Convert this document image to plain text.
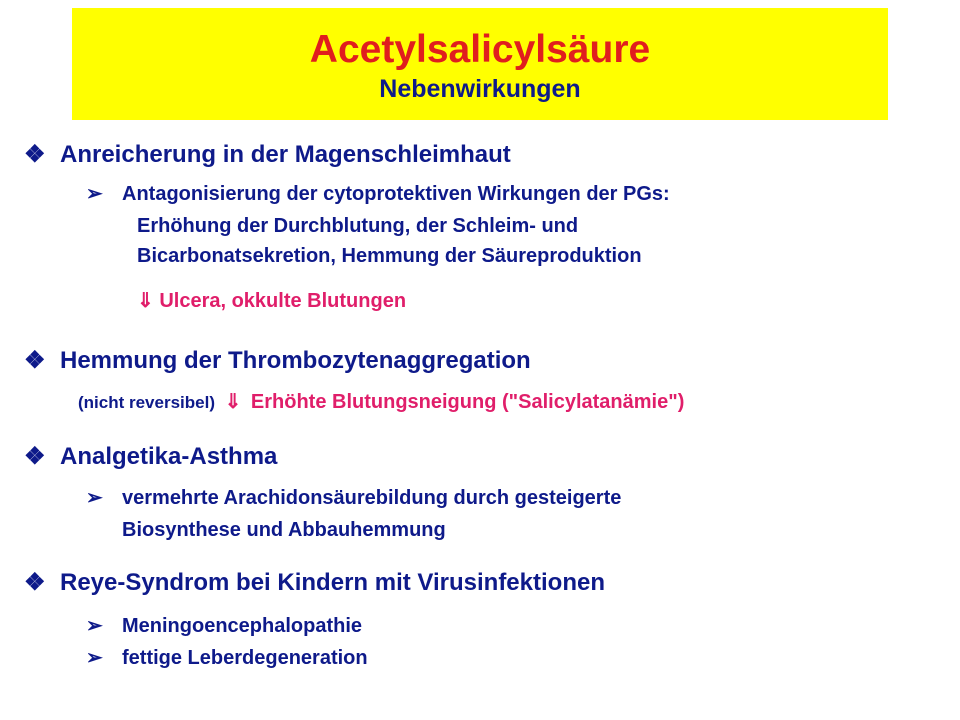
Acetylsalicylsäure
Nebenwirkungen
❖ Anreicherung in der Magenschleimhaut
➢ Antagonisierung der cytoprotektiven Wirkungen der PGs:
Erhöhung der Durchblutung, der Schleim- und
Bicarbonatsekretion, Hemmung der Säureproduktion
⇓ Ulcera, okkulte Blutungen
❖ Hemmung der Thrombozytenaggregation
(nicht reversibel) ⇓ Erhöhte Blutungsneigung ("Salicylatanämie")
❖ Analgetika-Asthma
➢ vermehrte Arachidonsäurebildung durch gesteigerte
Biosynthese und Abbauhemmung
❖ Reye-Syndrom bei Kindern mit Virusinfektionen
➢ Meningoencephalopathie
➢ fettige Leberdegeneration
